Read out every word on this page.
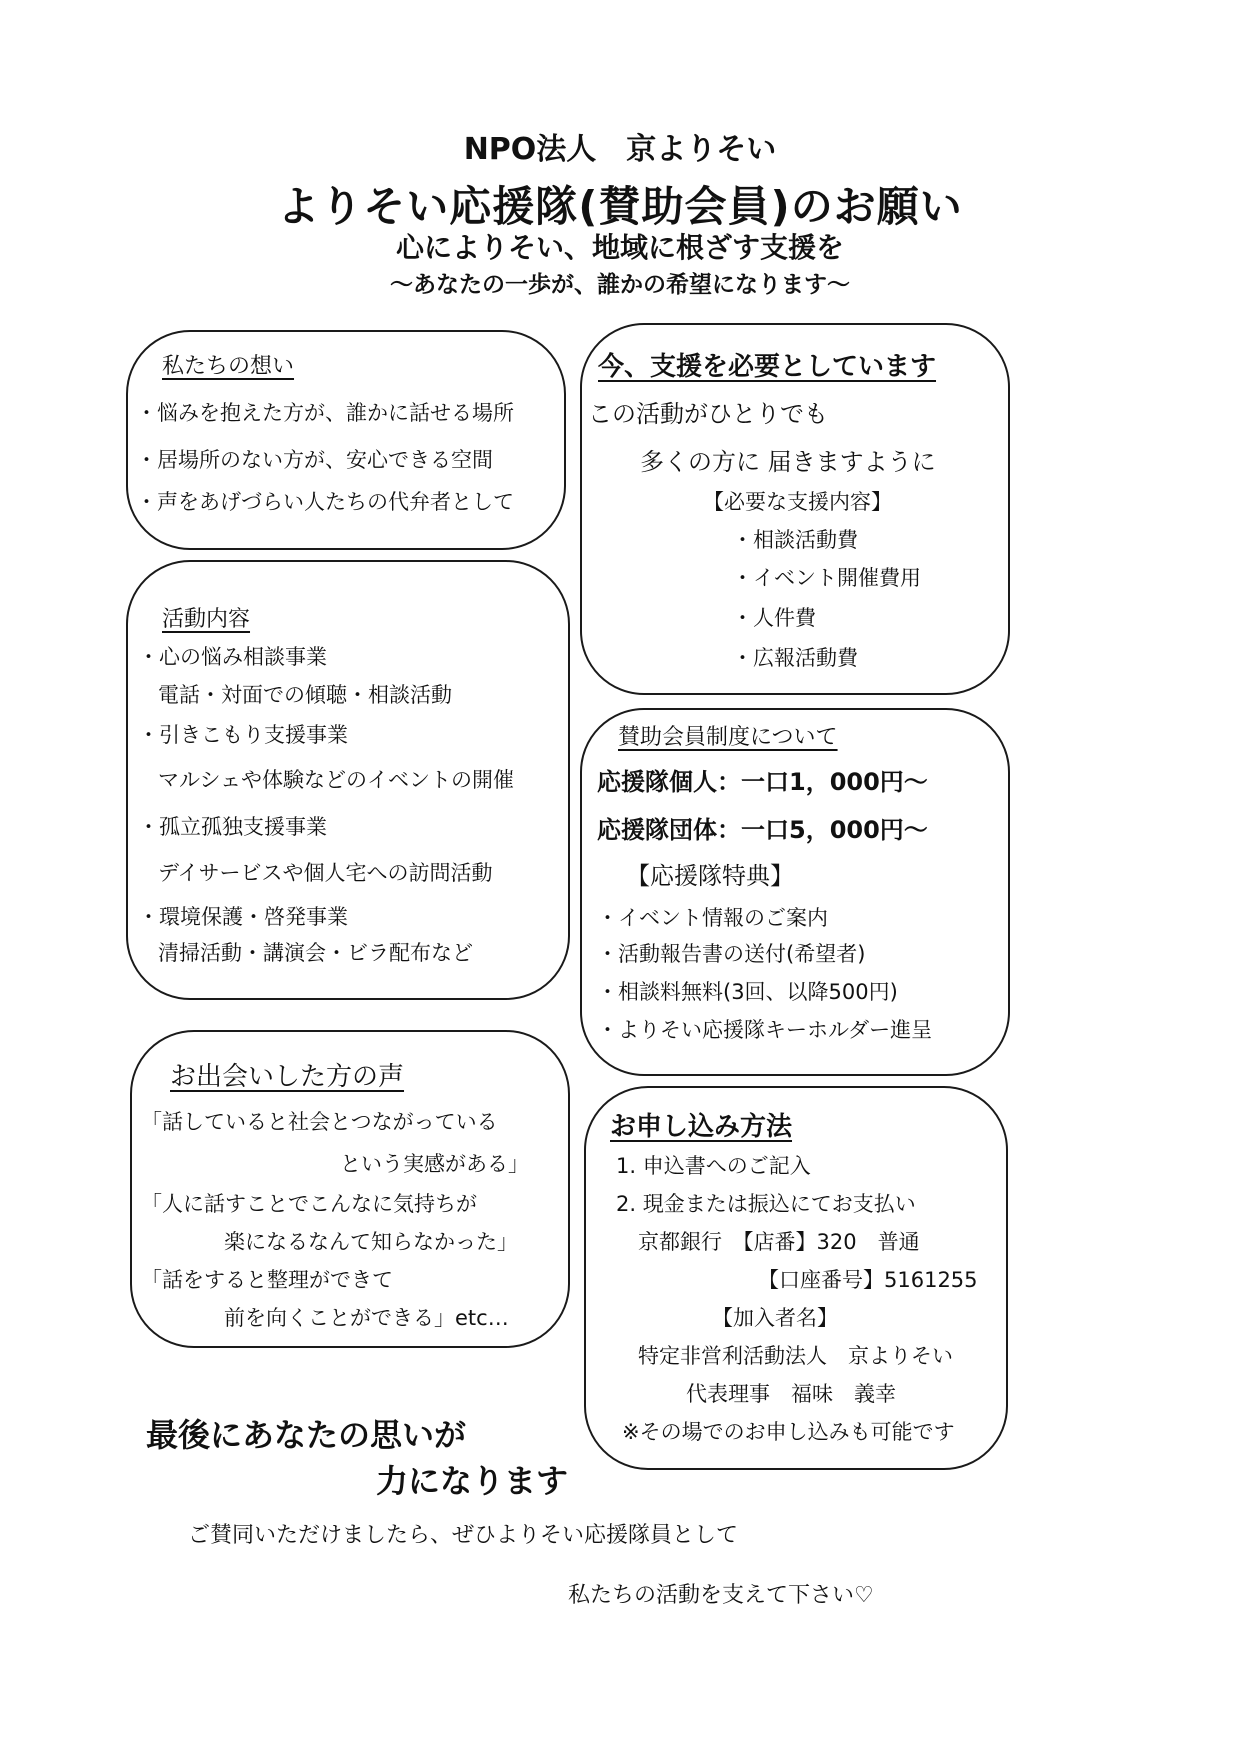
NPO法人　京よりそい
よりそい応援隊(賛助会員)のお願い
心によりそい、地域に根ざす支援を
～あなたの一歩が、誰かの希望になります～
私たちの想い
・悩みを抱えた方が、誰かに話せる場所
・居場所のない方が、安心できる空間
・声をあげづらい人たちの代弁者として
今、支援を必要としています
この活動がひとりでも
多くの方に 届きますように
【必要な支援内容】
・相談活動費
・イベント開催費用
・人件費
・広報活動費
活動内容
・心の悩み相談事業
電話・対面での傾聴・相談活動
・引きこもり支援事業
マルシェや体験などのイベントの開催
・孤立孤独支援事業
デイサービスや個人宅への訪問活動
・環境保護・啓発事業
清掃活動・講演会・ビラ配布など
賛助会員制度について
応援隊個人：一口1，000円～
応援隊団体：一口5，000円～
【応援隊特典】
・イベント情報のご案内
・活動報告書の送付(希望者)
・相談料無料(3回、以降500円)
・よりそい応援隊キーホルダー進呈
お出会いした方の声
「話していると社会とつながっている
という実感がある」
「人に話すことでこんなに気持ちが
楽になるなんて知らなかった」
「話をすると整理ができて
前を向くことができる」etc…
お申し込み方法
1. 申込書へのご記入
2. 現金または振込にてお支払い
京都銀行　【店番】320　普通
【口座番号】5161255
【加入者名】
特定非営利活動法人　京よりそい
代表理事　福味　義幸
※その場でのお申し込みも可能です
最後にあなたの思いが
力になります
ご賛同いただけましたら、ぜひよりそい応援隊員として
私たちの活動を支えて下さい♡
